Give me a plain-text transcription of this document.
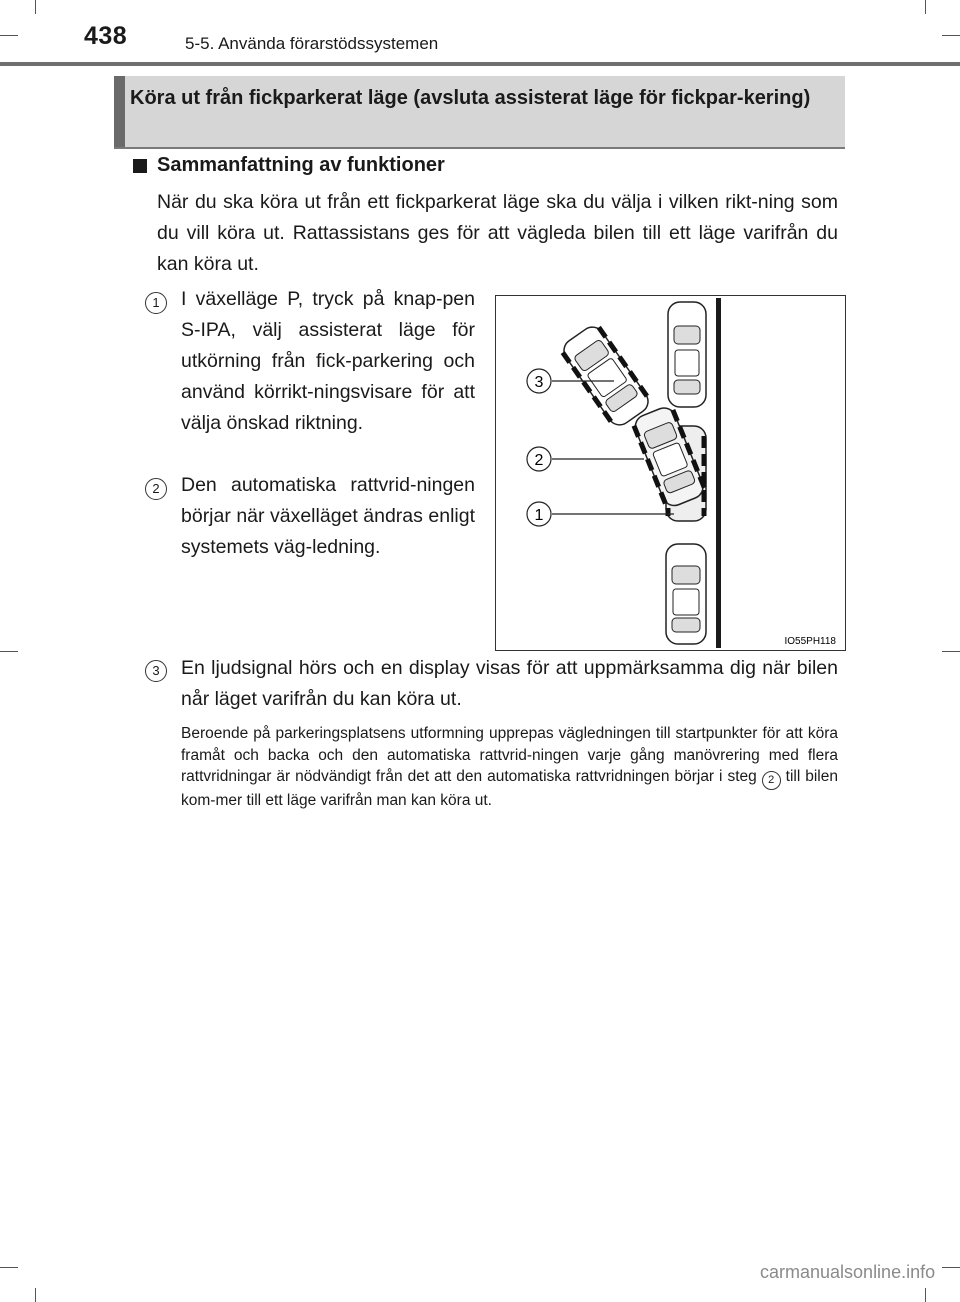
438	5-5. Använda förarstödssystemen
Köra ut från fickparkerat läge (avsluta assisterat läge för fickpar-kering)
Sammanfattning av funktioner
När du ska köra ut från ett fickparkerat läge ska du välja i vilken rikt-ning som du vill köra ut. Rattassistans ges för att vägleda bilen till ett läge varifrån du kan köra ut.
1	I växelläge P, tryck på knap-pen S-IPA, välj assisterat läge för utkörning från fick-parkering och använd körrikt-ningsvisare för att välja önskad riktning.
2	Den automatiska rattvrid-ningen börjar när växelläget ändras enligt systemets väg-ledning.
3
2
1
IO55PH118
3	En ljudsignal hörs och en display visas för att uppmärksamma dig när bilen når läget varifrån du kan köra ut.
Beroende på parkeringsplatsens utformning upprepas vägledningen till startpunkter för att köra framåt och backa och den automatiska rattvrid-ningen varje gång manövrering med flera rattvridningar är nödvändigt från det att den automatiska rattvridningen börjar i steg 2 till bilen kom-mer till ett läge varifrån man kan köra ut.
carmanualsonline.info
